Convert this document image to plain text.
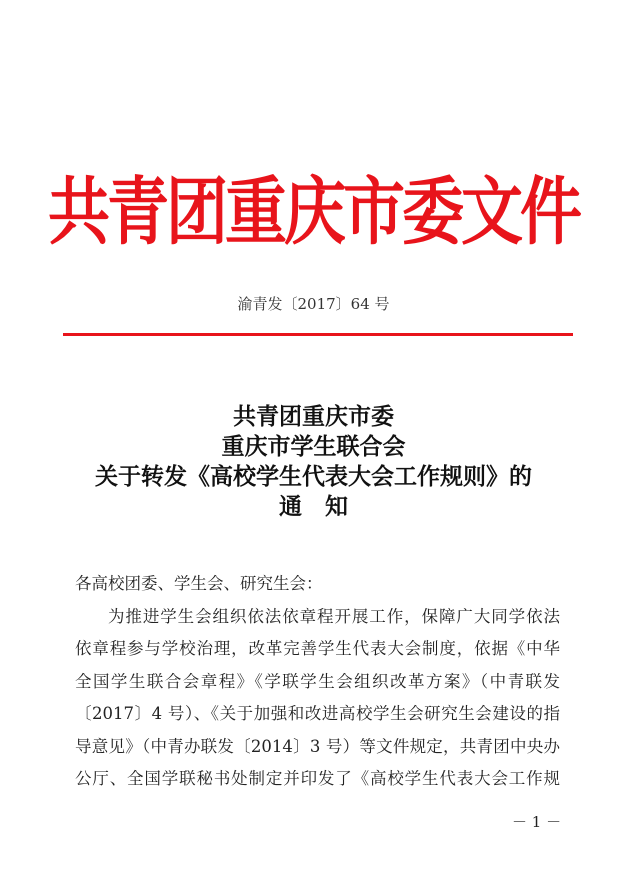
共青团重庆市委文件
渝青发〔2017〕64 号
共青团重庆市委
重庆市学生联合会
关于转发《高校学生代表大会工作规则》的
通　知
各高校团委、学生会、研究生会：
为推进学生会组织依法依章程开展工作，保障广大同学依法
依章程参与学校治理，改革完善学生代表大会制度，依据《中华
全国学生联合会章程》《学联学生会组织改革方案》（中青联发
〔2017〕4 号）、《关于加强和改进高校学生会研究生会建设的指
导意见》（中青办联发〔2014〕3 号）等文件规定，共青团中央办
公厅、全国学联秘书处制定并印发了《高校学生代表大会工作规
－ 1 －
